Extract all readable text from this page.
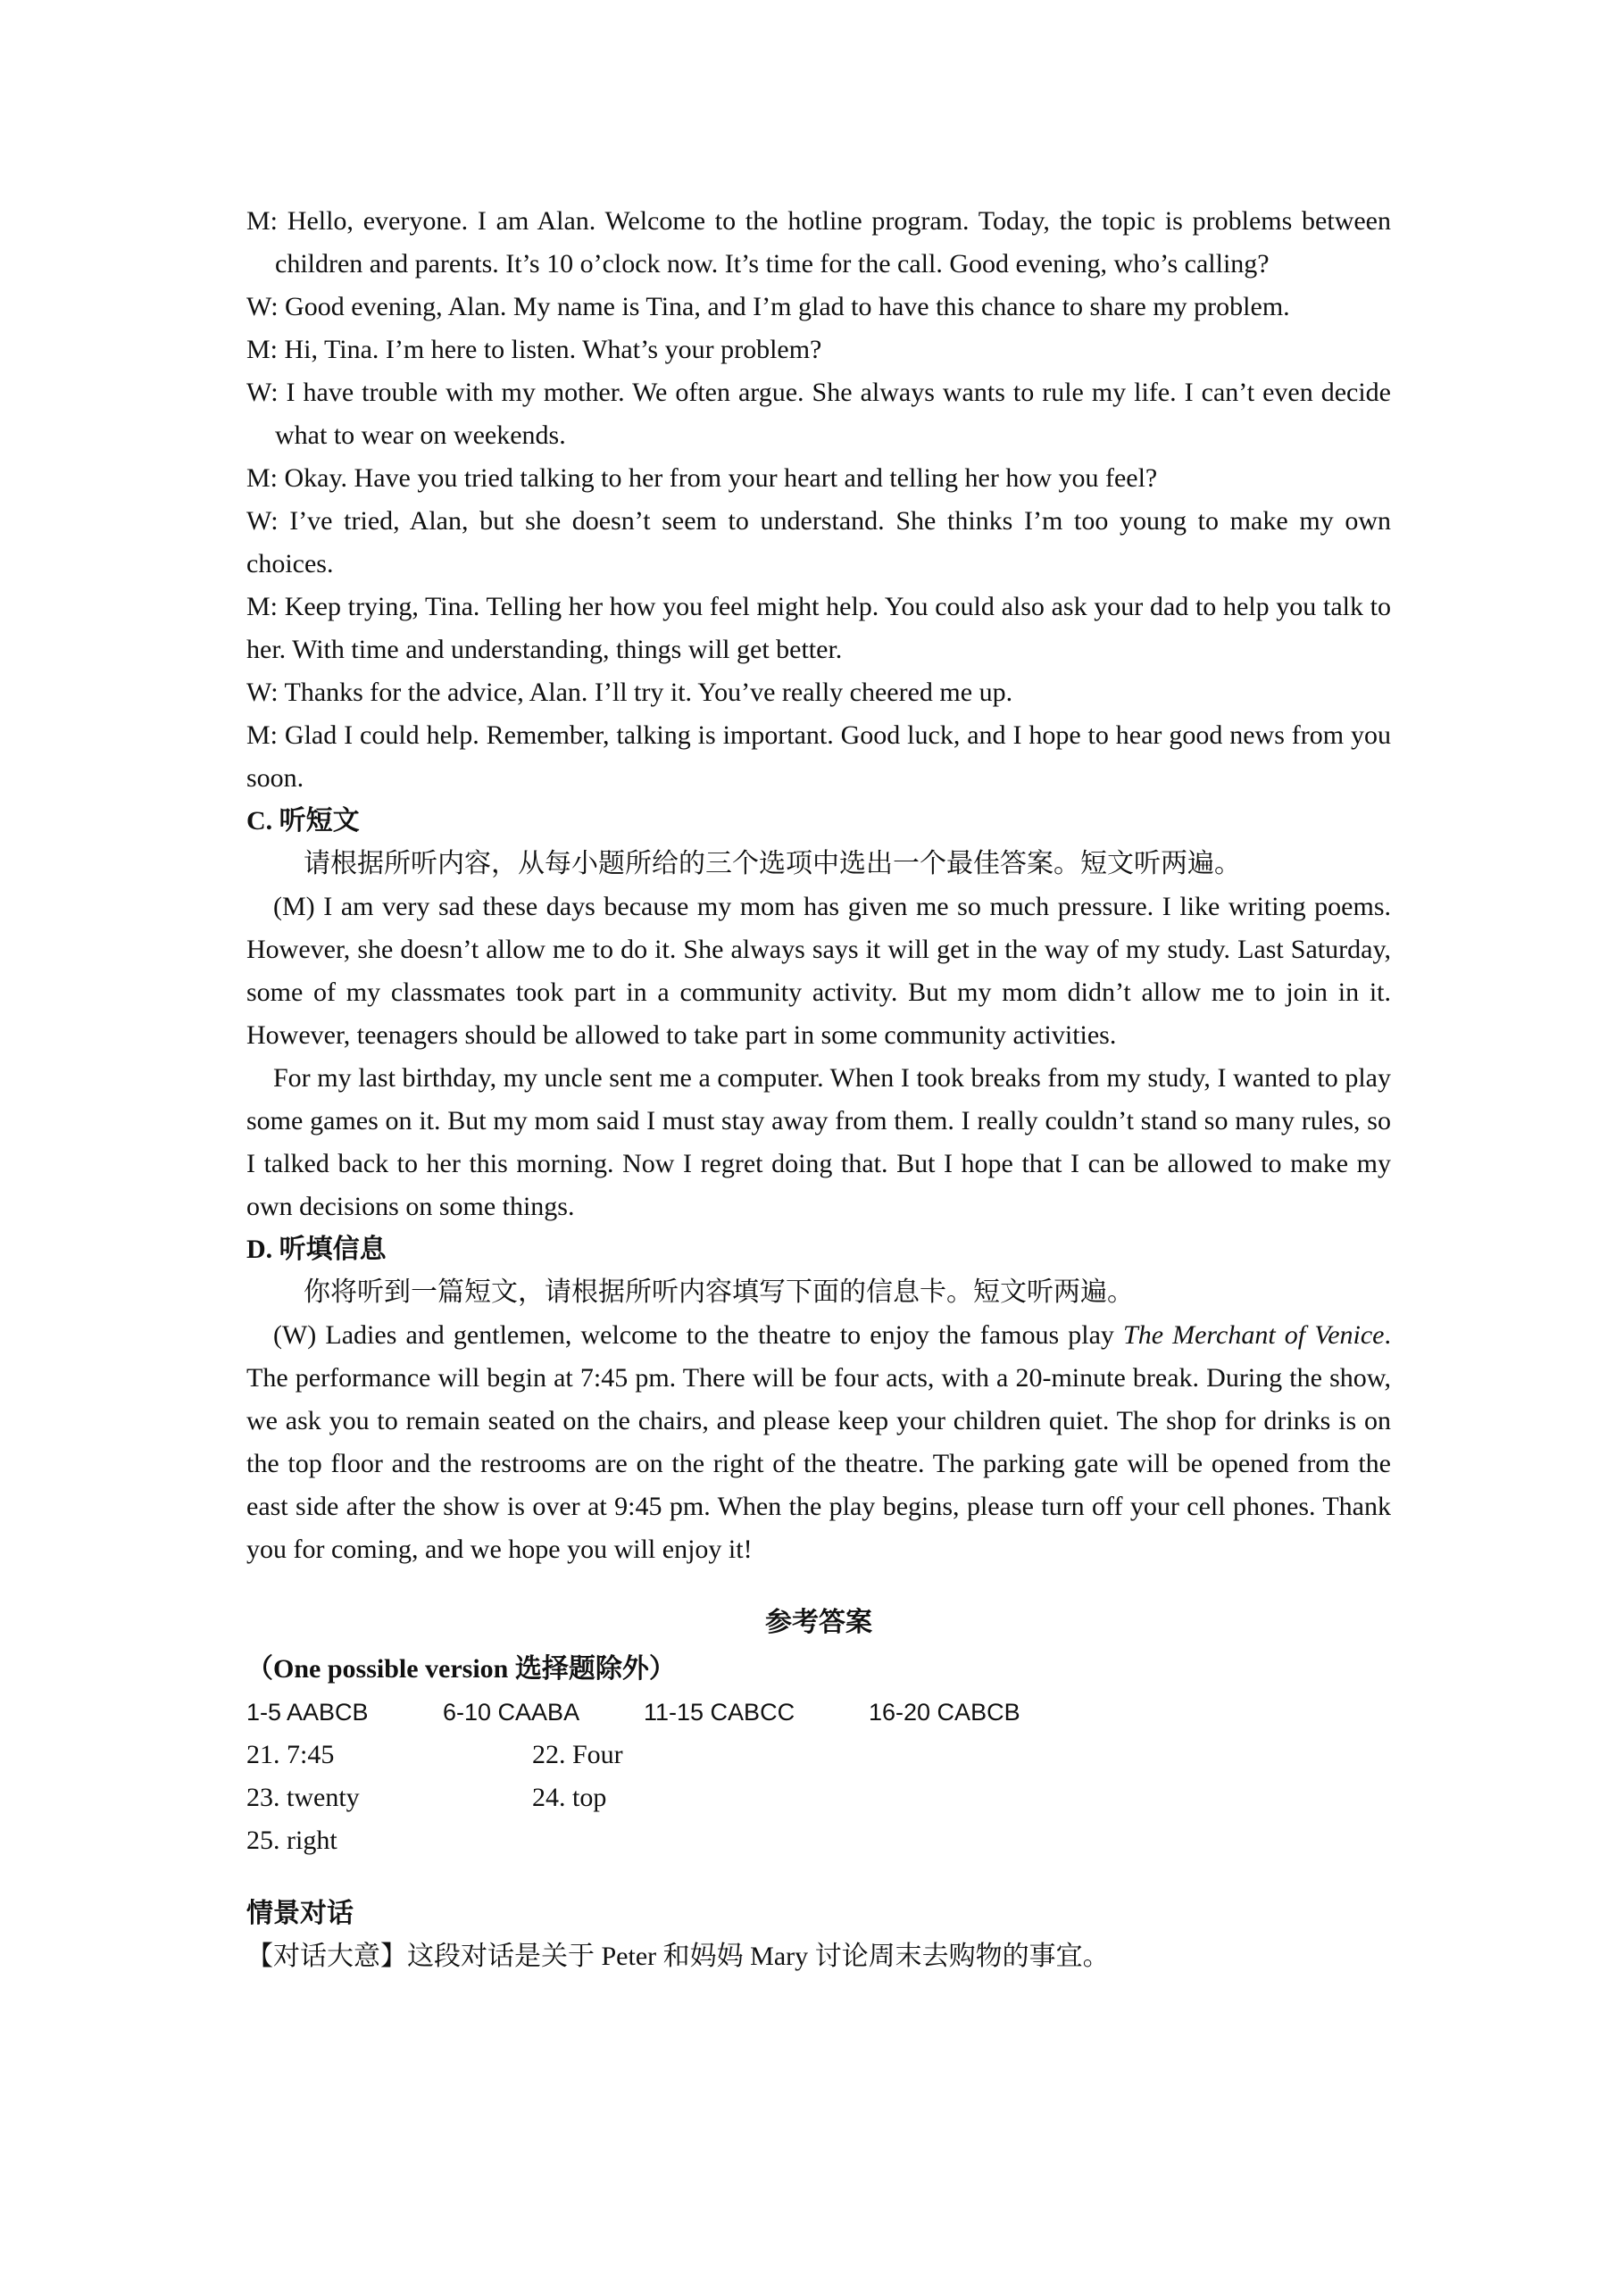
M: Hello, everyone. I am Alan. Welcome to the hotline program. Today, the topic is problems between children and parents. It’s 10 o’clock now. It’s time for the call. Good evening, who’s calling?

W: Good evening, Alan. My name is Tina, and I’m glad to have this chance to share my problem.

M: Hi, Tina. I’m here to listen. What’s your problem?

W: I have trouble with my mother. We often argue. She always wants to rule my life. I can’t even decide what to wear on weekends.

M: Okay. Have you tried talking to her from your heart and telling her how you feel?

W: I’ve tried, Alan, but she doesn’t seem to understand. She thinks I’m too young to make my own choices.

M: Keep trying, Tina. Telling her how you feel might help. You could also ask your dad to help you talk to her. With time and understanding, things will get better.

W: Thanks for the advice, Alan. I’ll try it. You’ve really cheered me up.

M: Glad I could help. Remember, talking is important. Good luck, and I hope to hear good news from you soon.

C. 听短文

请根据所听内容，从每小题所给的三个选项中选出一个最佳答案。短文听两遍。

(M) I am very sad these days because my mom has given me so much pressure. I like writing poems. However, she doesn’t allow me to do it. She always says it will get in the way of my study. Last Saturday, some of my classmates took part in a community activity. But my mom didn’t allow me to join in it. However, teenagers should be allowed to take part in some community activities.

For my last birthday, my uncle sent me a computer. When I took breaks from my study, I wanted to play some games on it. But my mom said I must stay away from them. I really couldn’t stand so many rules, so I talked back to her this morning. Now I regret doing that. But I hope that I can be allowed to make my own decisions on some things.

D. 听填信息

你将听到一篇短文，请根据所听内容填写下面的信息卡。短文听两遍。

(W) Ladies and gentlemen, welcome to the theatre to enjoy the famous play The Merchant of Venice. The performance will begin at 7:45 pm. There will be four acts, with a 20-minute break. During the show, we ask you to remain seated on the chairs, and please keep your children quiet. The shop for drinks is on the top floor and the restrooms are on the right of the theatre. The parking gate will be opened from the east side after the show is over at 9:45 pm. When the play begins, please turn off your cell phones. Thank you for coming, and we hope you will enjoy it!

参考答案

（One possible version 选择题除外）

1-5 AABCB	6-10 CAABA	11-15 CABCC	16-20 CABCB
21. 7:45	22. Four
23. twenty	24. top
25. right

情景对话

【对话大意】这段对话是关于 Peter 和妈妈 Mary 讨论周末去购物的事宜。
